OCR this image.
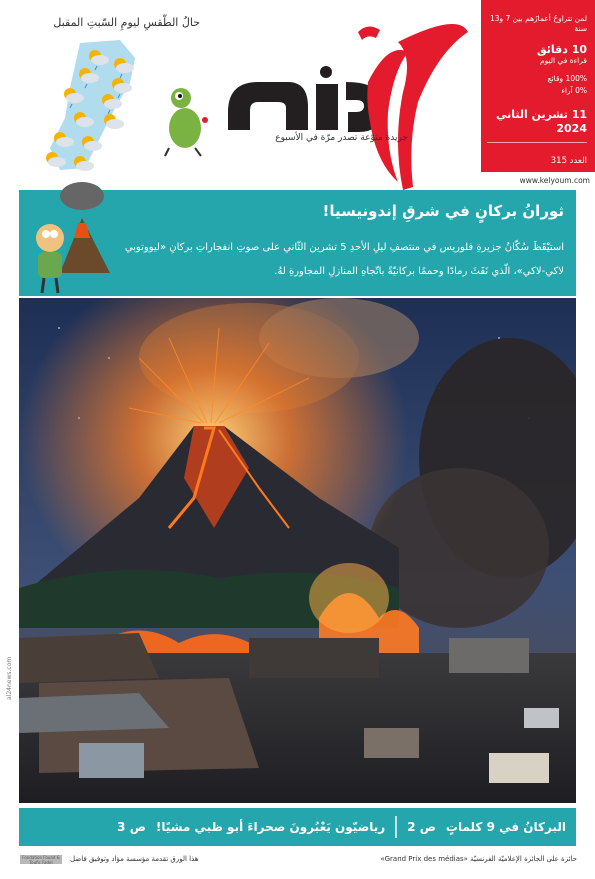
لمن تتراوحُ أعمارُهم بين 7 و13 سنة
10 دقائق
قراءة في اليوم
100% وقائع
0% آراء
11 تشرين الثاني
2024
العدد 315
www.kelyoum.com
كل يوم
جريدة منوّعة تصدر مرّة في الأسبوع
حالُ الطّقسِ ليومِ السّبتِ المقبل
ثورانُ بركانٍ في شرقِ إندونيسيا!
استيْقَظَ سُكّانُ جزيرةِ فلوريس في منتصفِ ليلِ الأحدِ 5 تشرين الثّاني على صوتِ انفجاراتِ بركانِ «ليووتوبي لاكي-لاكي»، الّذي نَفَثَ رمادًا وحممًا بركانيّةً باتّجاهِ المنازلِ المجاورةِ لهُ.
al24news.com
البركانُ في 9 كلماتٍ
ص 2
رياضيّون يَعْبُرونَ صحراءَ أبو ظبي مشيًا!
ص 3
حائزة على الجائزة الإعلاميّة الفرنسيّة «Grand Prix des médias»
هذا الورق تقدمة مؤسسة مؤاد وتوفيق فاضل
Fondation Fouad & Toufic Fadel
